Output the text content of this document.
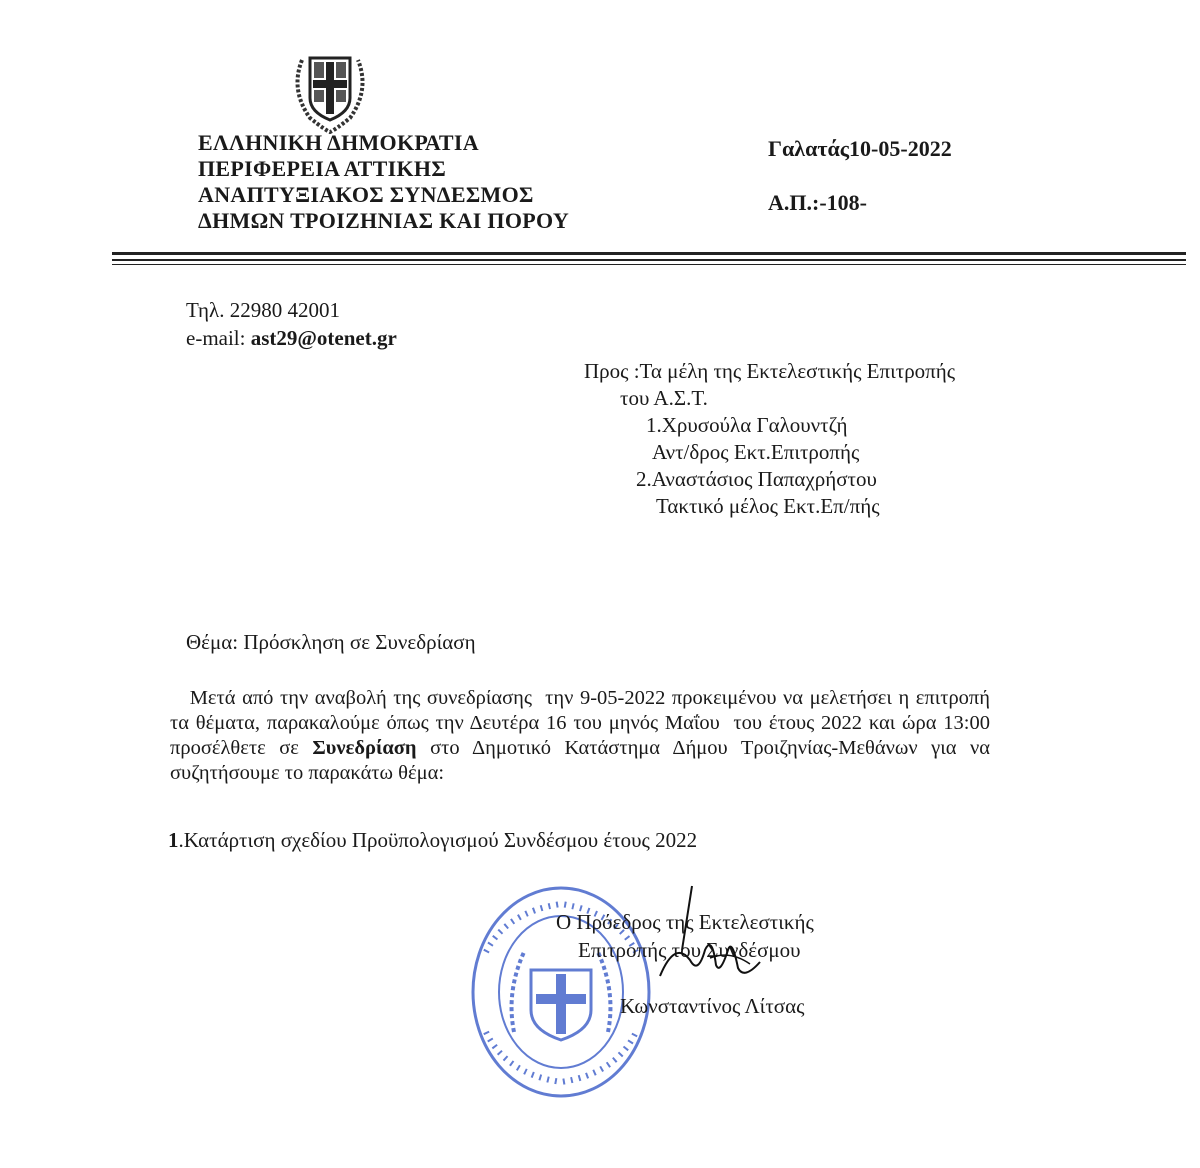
ΕΛΛΗΝΙΚΗ ΔΗΜΟΚΡΑΤΙΑ
ΠΕΡΙΦΕΡΕΙΑ ΑΤΤΙΚΗΣ
ΑΝΑΠΤΥΞΙΑΚΟΣ ΣΥΝΔΕΣΜΟΣ
ΔΗΜΩΝ ΤΡΟΙΖΗΝΙΑΣ ΚΑΙ ΠΟΡΟΥ
Γαλατάς10-05-2022
Α.Π.:-108-
Τηλ. 22980 42001
e-mail: ast29@otenet.gr
Προς :Τα μέλη της Εκτελεστικής Επιτροπής
του Α.Σ.Τ.
1.Χρυσούλα Γαλουντζή
Αντ/δρος Εκτ.Επιτροπής
2.Αναστάσιος Παπαχρήστου
Τακτικό μέλος Εκτ.Επ/πής
Θέμα: Πρόσκληση σε Συνεδρίαση

Μετά από την αναβολή της συνεδρίασης  την 9-05-2022 προκειμένου να μελετήσει η επιτροπή τα θέματα, παρακαλούμε όπως την Δευτέρα 16 του μηνός Μαΐου  του έτους 2022 και ώρα 13:00  προσέλθετε σε Συνεδρίαση στο Δημοτικό Κατάστημα Δήμου Τροιζηνίας-Μεθάνων για να συζητήσουμε το παρακάτω θέμα:

1.Κατάρτιση σχεδίου Προϋπολογισμού Συνδέσμου έτους 2022
Ο Πρόεδρος της Εκτελεστικής
Επιτροπής του Συνδέσμου
Κωνσταντίνος Λίτσας
